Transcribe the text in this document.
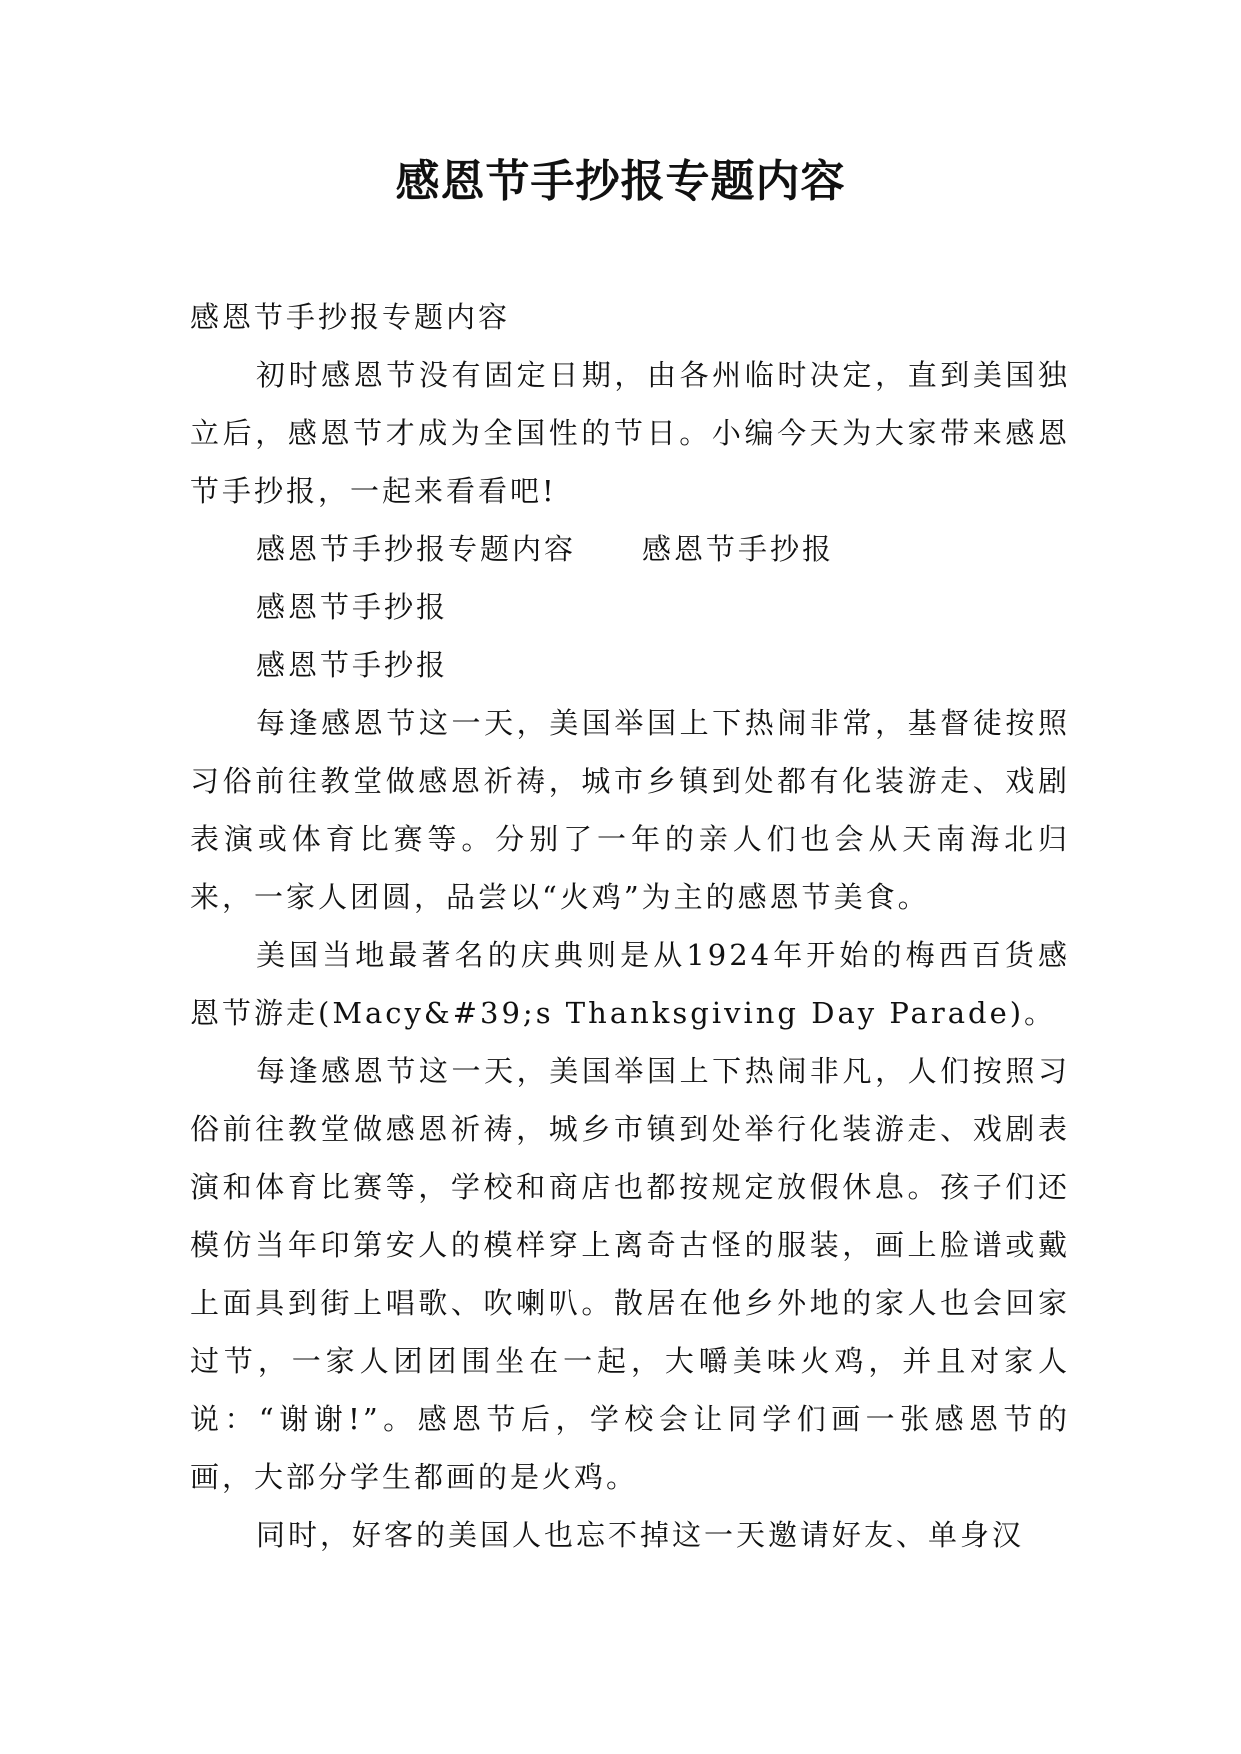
感恩节手抄报专题内容

感恩节手抄报专题内容

初时感恩节没有固定日期，由各州临时决定，直到美国独立后，感恩节才成为全国性的节日。小编今天为大家带来感恩节手抄报，一起来看看吧!

感恩节手抄报专题内容 感恩节手抄报

感恩节手抄报

感恩节手抄报

每逢感恩节这一天，美国举国上下热闹非常，基督徒按照习俗前往教堂做感恩祈祷，城市乡镇到处都有化装游走、戏剧表演或体育比赛等。分别了一年的亲人们也会从天南海北归来，一家人团圆，品尝以“火鸡”为主的感恩节美食。

美国当地最著名的庆典则是从1924年开始的梅西百货感恩节游走(Macy&#39;s Thanksgiving Day Parade)。

每逢感恩节这一天，美国举国上下热闹非凡，人们按照习俗前往教堂做感恩祈祷，城乡市镇到处举行化装游走、戏剧表演和体育比赛等，学校和商店也都按规定放假休息。孩子们还模仿当年印第安人的模样穿上离奇古怪的服装，画上脸谱或戴上面具到街上唱歌、吹喇叭。散居在他乡外地的家人也会回家过节，一家人团团围坐在一起，大嚼美味火鸡，并且对家人说：“谢谢!”。感恩节后，学校会让同学们画一张感恩节的画，大部分学生都画的是火鸡。

同时，好客的美国人也忘不掉这一天邀请好友、单身汉
